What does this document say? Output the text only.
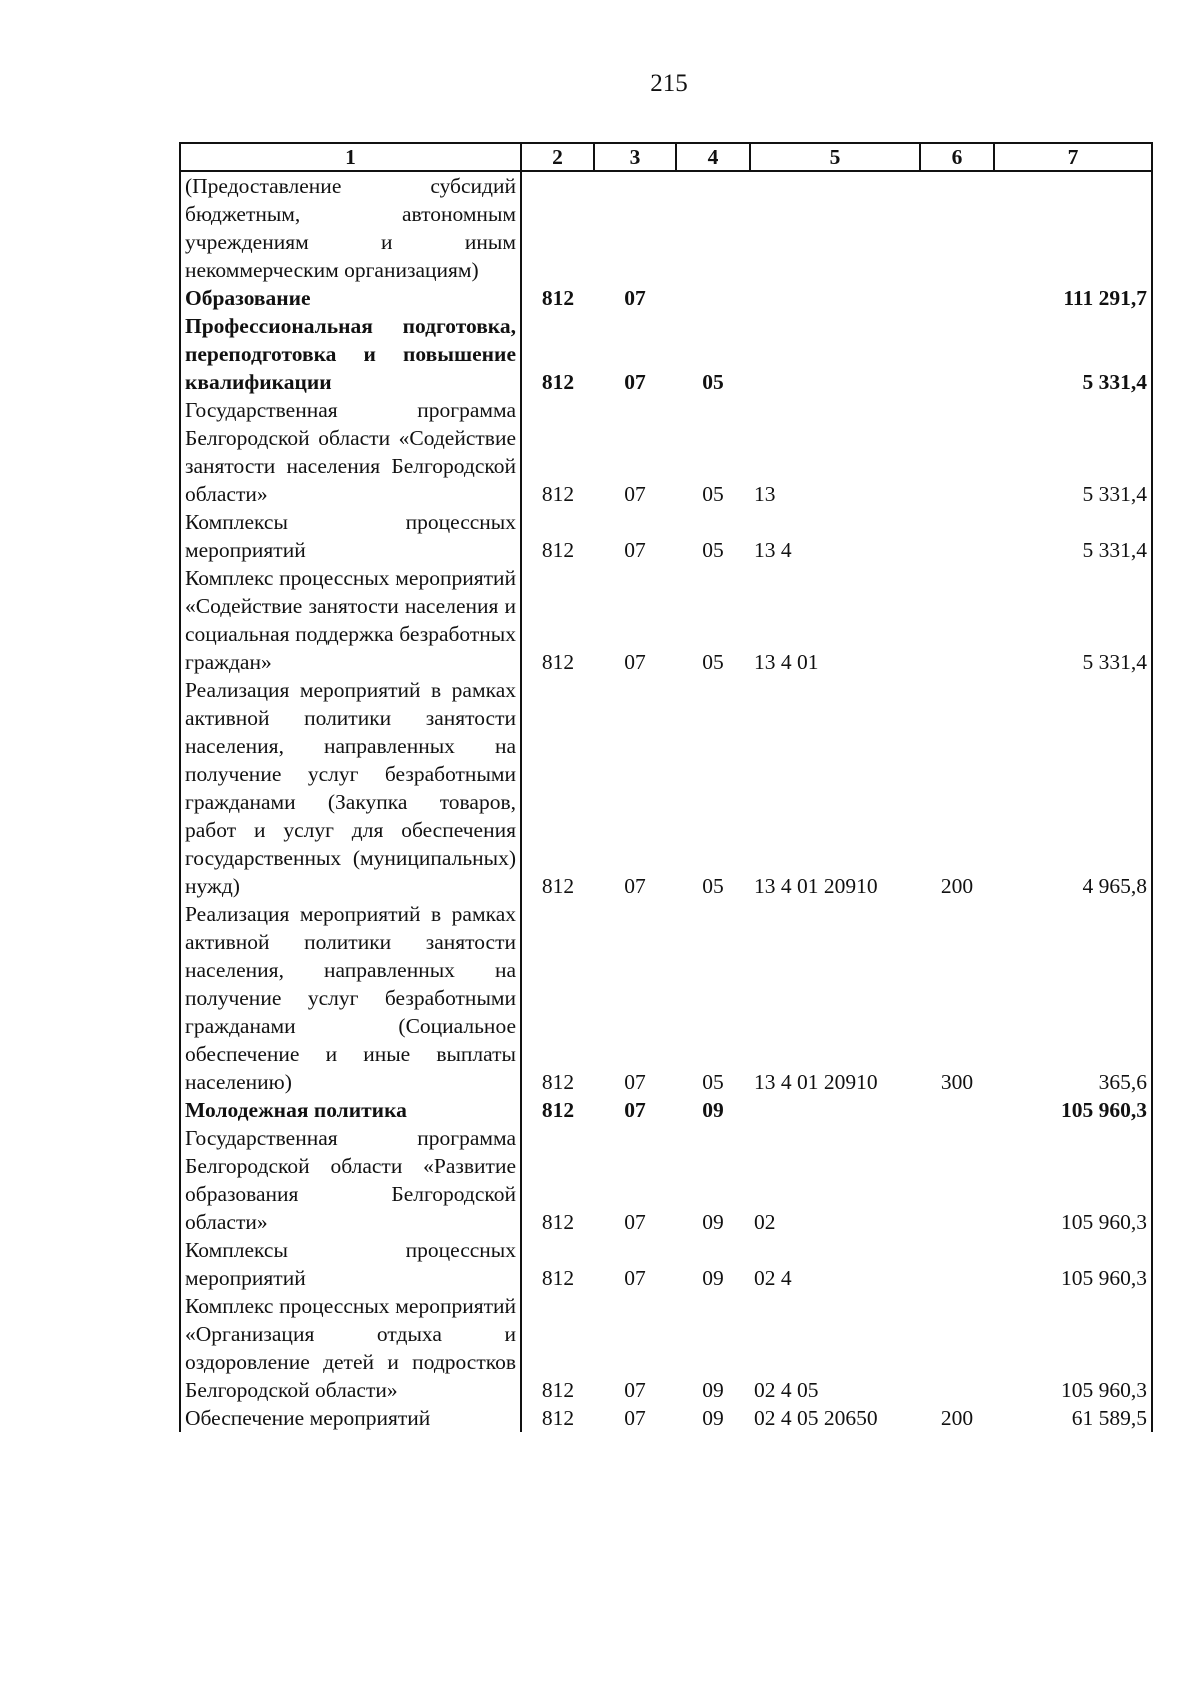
215
1	2	3	4	5	6	7
(Предоставление субсидий бюджетным, автономным учреждениям и иным некоммерческим организациям)						
Образование	812	07				111 291,7
Профессиональная подготовка, переподготовка и повышение квалификации	812	07	05			5 331,4
Государственная программа Белгородской области «Содействие занятости населения Белгородской области»	812	07	05	13		5 331,4
Комплексы процессных мероприятий	812	07	05	13 4		5 331,4
Комплекс процессных мероприятий «Содействие занятости населения и социальная поддержка безработных граждан»	812	07	05	13 4 01		5 331,4
Реализация мероприятий в рамках активной политики занятости населения, направленных на получение услуг безработными гражданами (Закупка товаров, работ и услуг для обеспечения государственных (муниципальных) нужд)	812	07	05	13 4 01 20910	200	4 965,8
Реализация мероприятий в рамках активной политики занятости населения, направленных на получение услуг безработными гражданами (Социальное обеспечение и иные выплаты населению)	812	07	05	13 4 01 20910	300	365,6
Молодежная политика	812	07	09			105 960,3
Государственная программа Белгородской области «Развитие образования Белгородской области»	812	07	09	02		105 960,3
Комплексы процессных мероприятий	812	07	09	02 4		105 960,3
Комплекс процессных мероприятий «Организация отдыха и оздоровление детей и подростков Белгородской области»	812	07	09	02 4 05		105 960,3
Обеспечение мероприятий	812	07	09	02 4 05 20650	200	61 589,5
